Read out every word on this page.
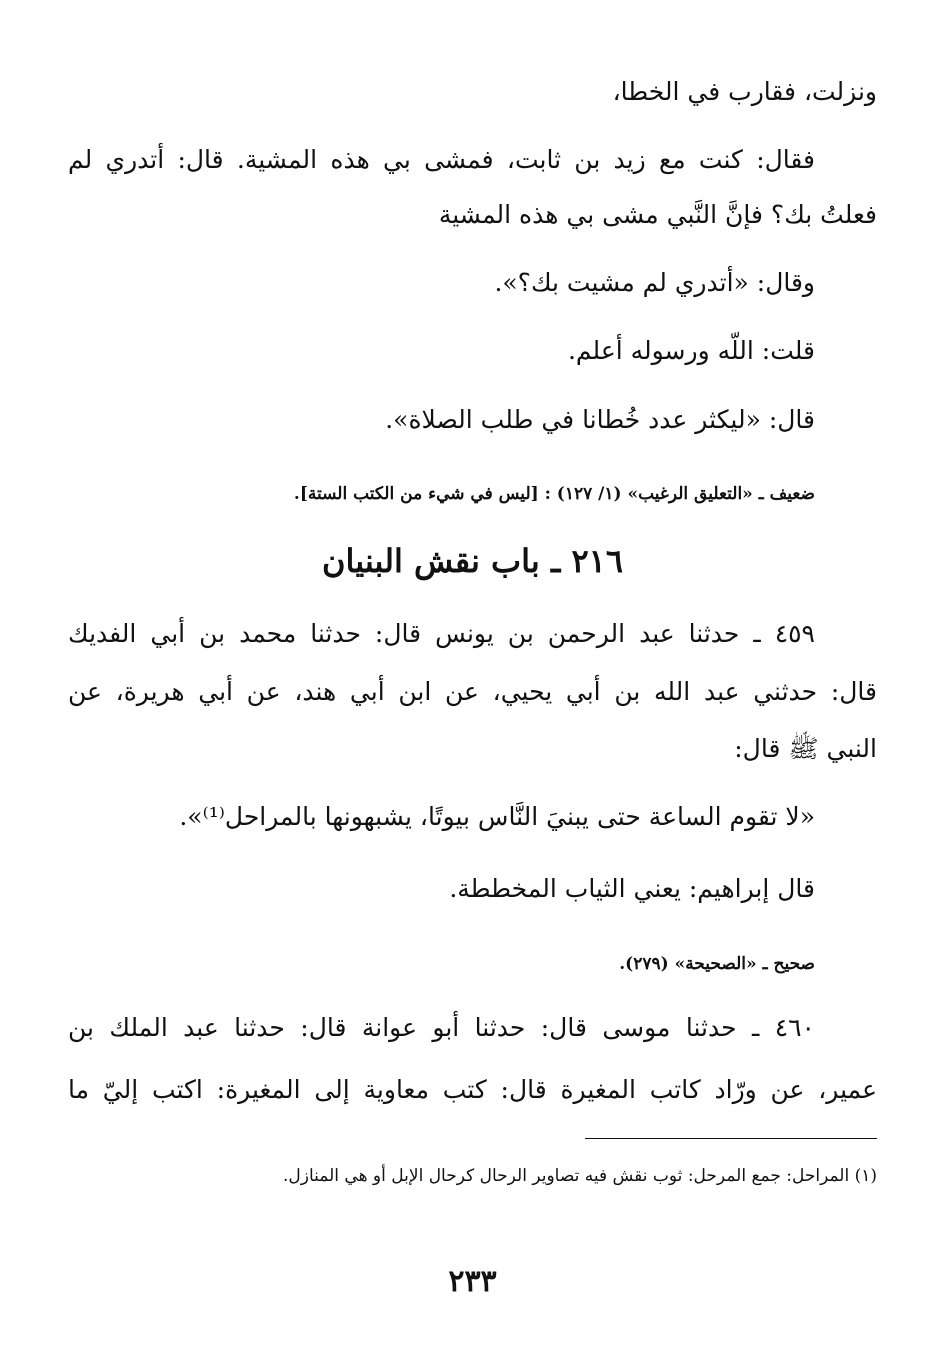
ونزلت، فقارب في الخطا،
فقال: كنت مع زيد بن ثابت، فمشى بي هذه المشية. قال: أتدري لم
فعلتُ بك؟ فإنَّ النَّبي مشى بي هذه المشية
وقال: «أتدري لم مشيت بك؟».
قلت: اللّه ورسوله أعلم.
قال: «ليكثر عدد خُطانا في طلب الصلاة».
ضعيف ـ «التعليق الرغيب» (١/ ١٢٧) : [ليس في شيء من الكتب الستة].
٢١٦ ـ باب نقش البنيان
٤٥٩ ـ حدثنا عبد الرحمن بن يونس قال: حدثنا محمد بن أبي الفديك
قال: حدثني عبد الله بن أبي يحيي، عن ابن أبي هند، عن أبي هريرة، عن
النبي ﷺ قال:
«لا تقوم الساعة حتى يبنيَ النَّاس بيوتًا، يشبهونها بالمراحل⁽¹⁾».
قال إبراهيم: يعني الثياب المخططة.
صحيح ـ «الصحيحة» (٢٧٩).
٤٦٠ ـ حدثنا موسى قال: حدثنا أبو عوانة قال: حدثنا عبد الملك بن
عمير، عن ورّاد كاتب المغيرة قال: كتب معاوية إلى المغيرة: اكتب إليّ ما
(١) المراحل: جمع المرحل: ثوب نقش فيه تصاوير الرحال كرحال الإبل أو هي المنازل.
٢٣٣
